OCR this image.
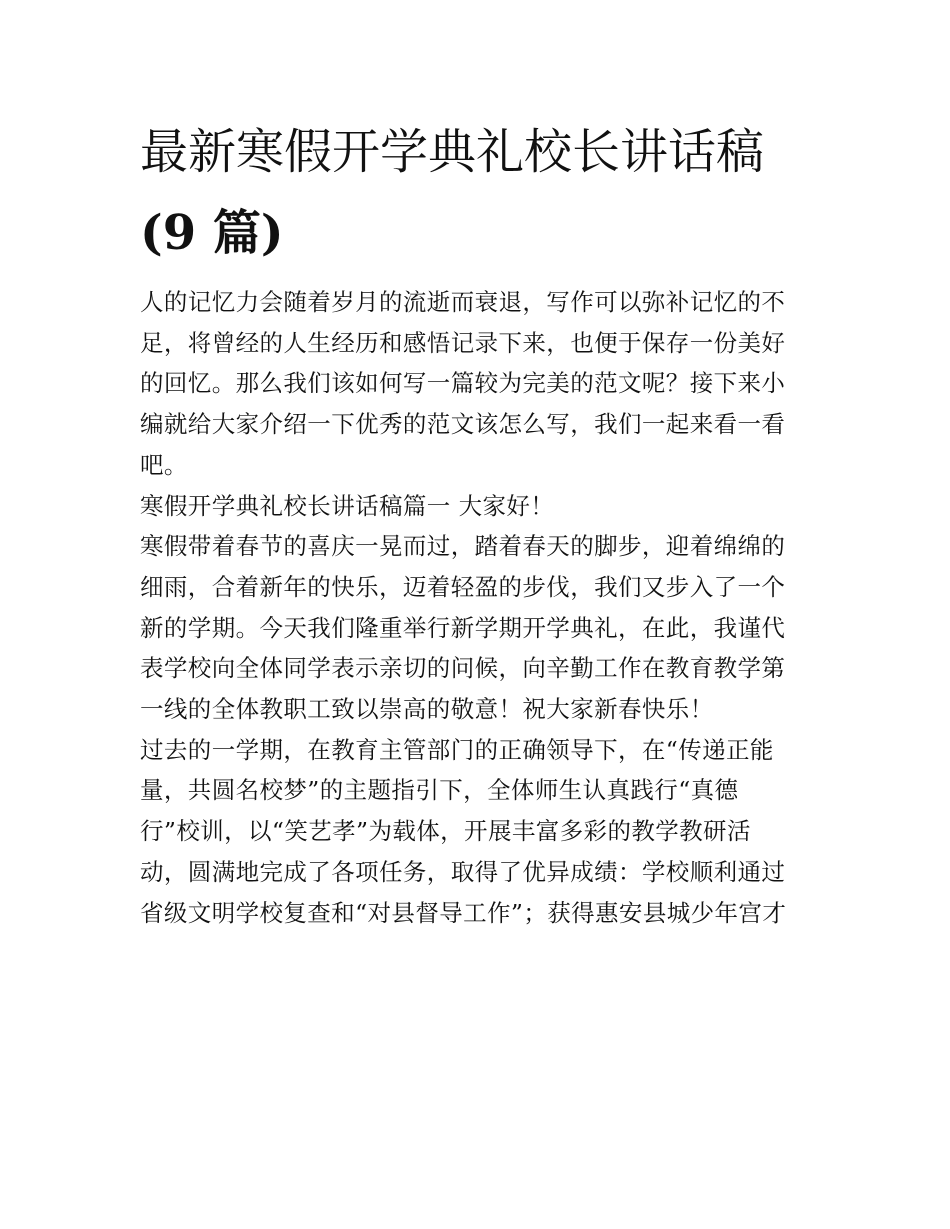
最新寒假开学典礼校长讲话稿
(9 篇)
人的记忆力会随着岁月的流逝而衰退，写作可以弥补记忆的不
足，将曾经的人生经历和感悟记录下来，也便于保存一份美好
的回忆。那么我们该如何写一篇较为完美的范文呢？接下来小
编就给大家介绍一下优秀的范文该怎么写，我们一起来看一看
吧。
寒假开学典礼校长讲话稿篇一 大家好！
寒假带着春节的喜庆一晃而过，踏着春天的脚步，迎着绵绵的
细雨，合着新年的快乐，迈着轻盈的步伐，我们又步入了一个
新的学期。今天我们隆重举行新学期开学典礼，在此，我谨代
表学校向全体同学表示亲切的问候，向辛勤工作在教育教学第
一线的全体教职工致以崇高的敬意！祝大家新春快乐！
过去的一学期，在教育主管部门的正确领导下，在“传递正能
量，共圆名校梦”的主题指引下，全体师生认真践行“真德
行”校训，以“笑艺孝”为载体，开展丰富多彩的教学教研活
动，圆满地完成了各项任务，取得了优异成绩：学校顺利通过
省级文明学校复查和“对县督导工作”；获得惠安县城少年宫才
